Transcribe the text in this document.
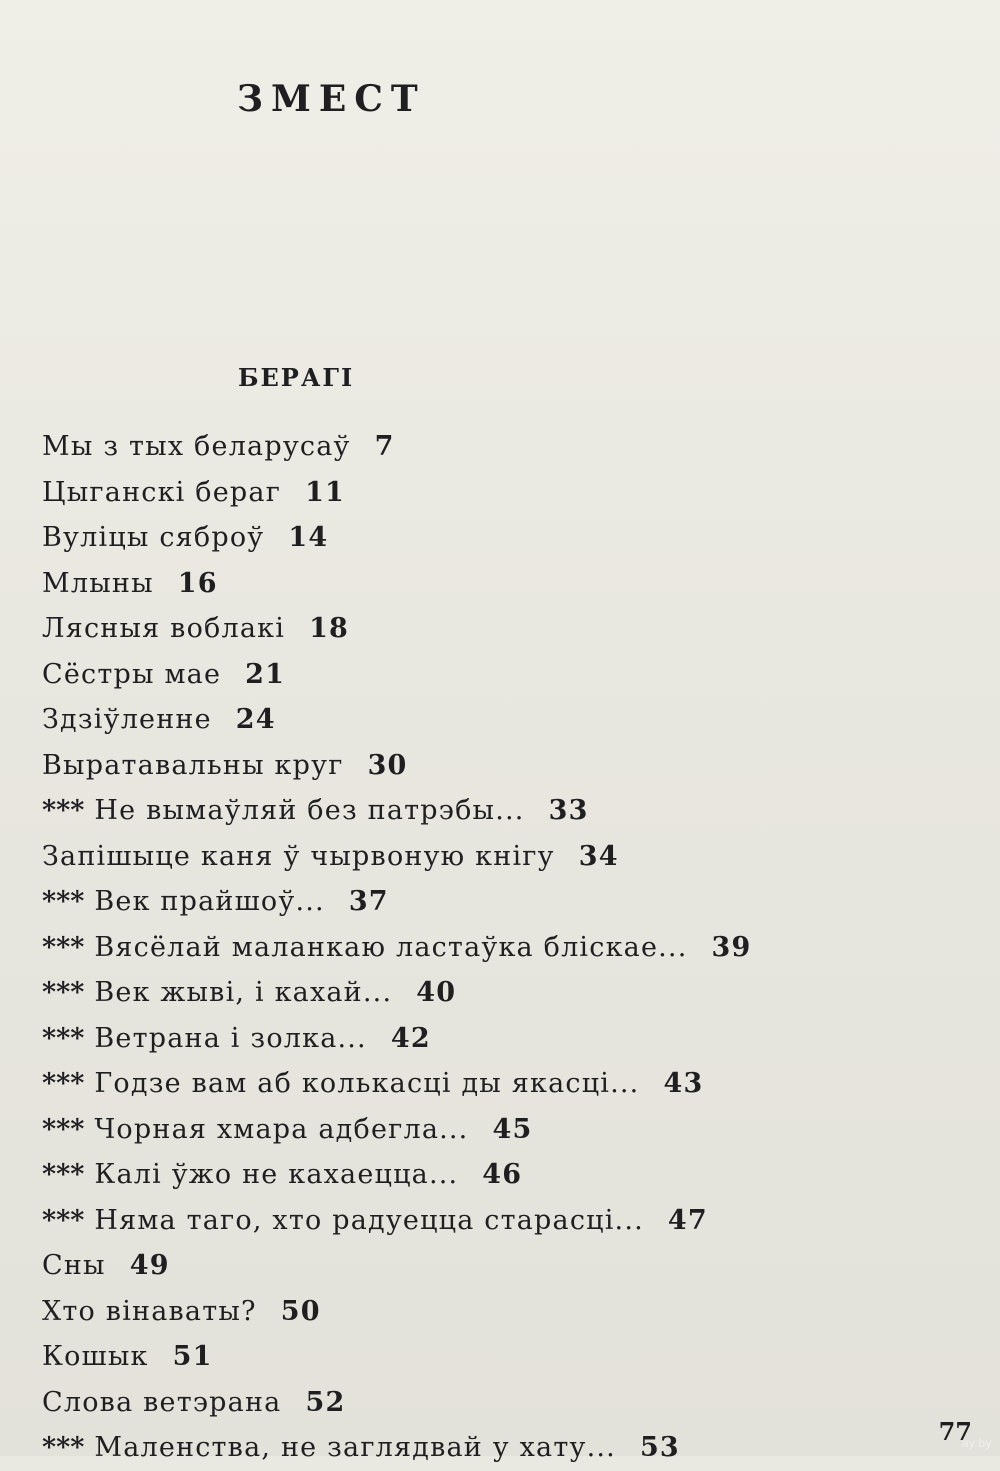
ЗМЕСТ
БЕРАГІ
Мы з тых беларусаў 7
Цыганскі бераг 11
Вуліцы сяброў 14
Млыны 16
Лясныя воблакі 18
Сёстры мае 21
Здзіўленне 24
Выратавальны круг 30
*** Не вымаўляй без патрэбы... 33
Запішыце каня ў чырвоную кнігу 34
*** Век прайшоў... 37
*** Вясёлай маланкаю ластаўка бліскае... 39
*** Век жыві, і кахай... 40
*** Ветрана і золка... 42
*** Годзе вам аб колькасці ды якасці... 43
*** Чорная хмара адбегла... 45
*** Калі ўжо не кахаецца... 46
*** Няма таго, хто радуецца старасці... 47
Сны 49
Хто вінаваты? 50
Кошык 51
Слова ветэрана 52
*** Маленства, не заглядвай у хату... 53
77
ay.by
